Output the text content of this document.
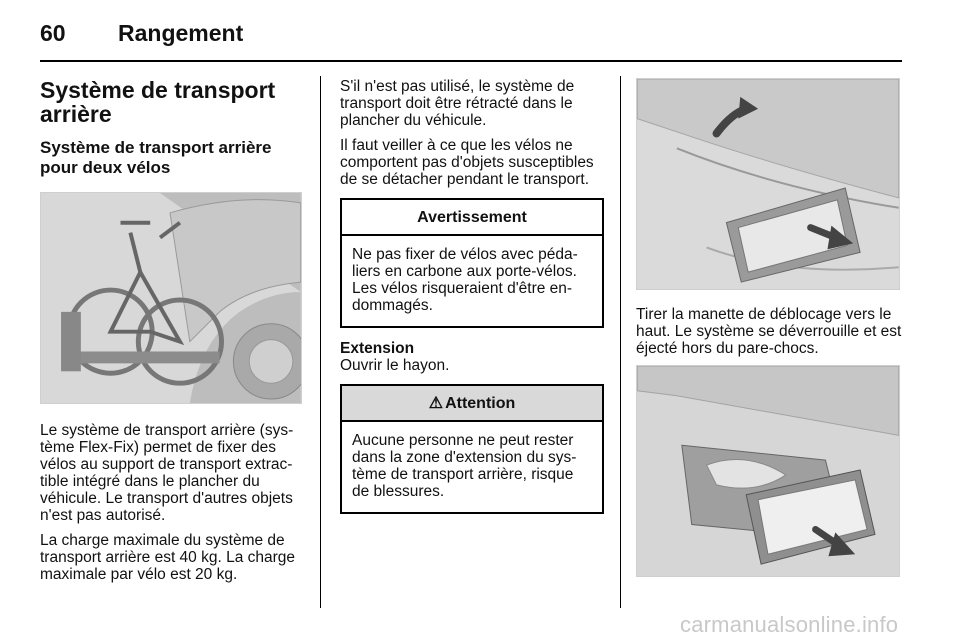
60 Rangement
Système de transport arrière
Système de transport arrière pour deux vélos
Le système de transport arrière (sys-tème Flex-Fix) permet de fixer des vélos au support de transport extrac-tible intégré dans le plancher du véhicule. Le transport d'autres objets n'est pas autorisé.
La charge maximale du système de transport arrière est 40 kg. La charge maximale par vélo est 20 kg.
S'il n'est pas utilisé, le système de transport doit être rétracté dans le plancher du véhicule.
Il faut veiller à ce que les vélos ne comportent pas d'objets susceptibles de se détacher pendant le transport.
Avertissement
Ne pas fixer de vélos avec péda-liers en carbone aux porte-vélos. Les vélos risqueraient d'être en-dommagés.
Extension
Ouvrir le hayon.
⚠ Attention
Aucune personne ne peut rester dans la zone d'extension du sys-tème de transport arrière, risque de blessures.
Tirer la manette de déblocage vers le haut. Le système se déverrouille et est éjecté hors du pare-chocs.
carmanualsonline.info
